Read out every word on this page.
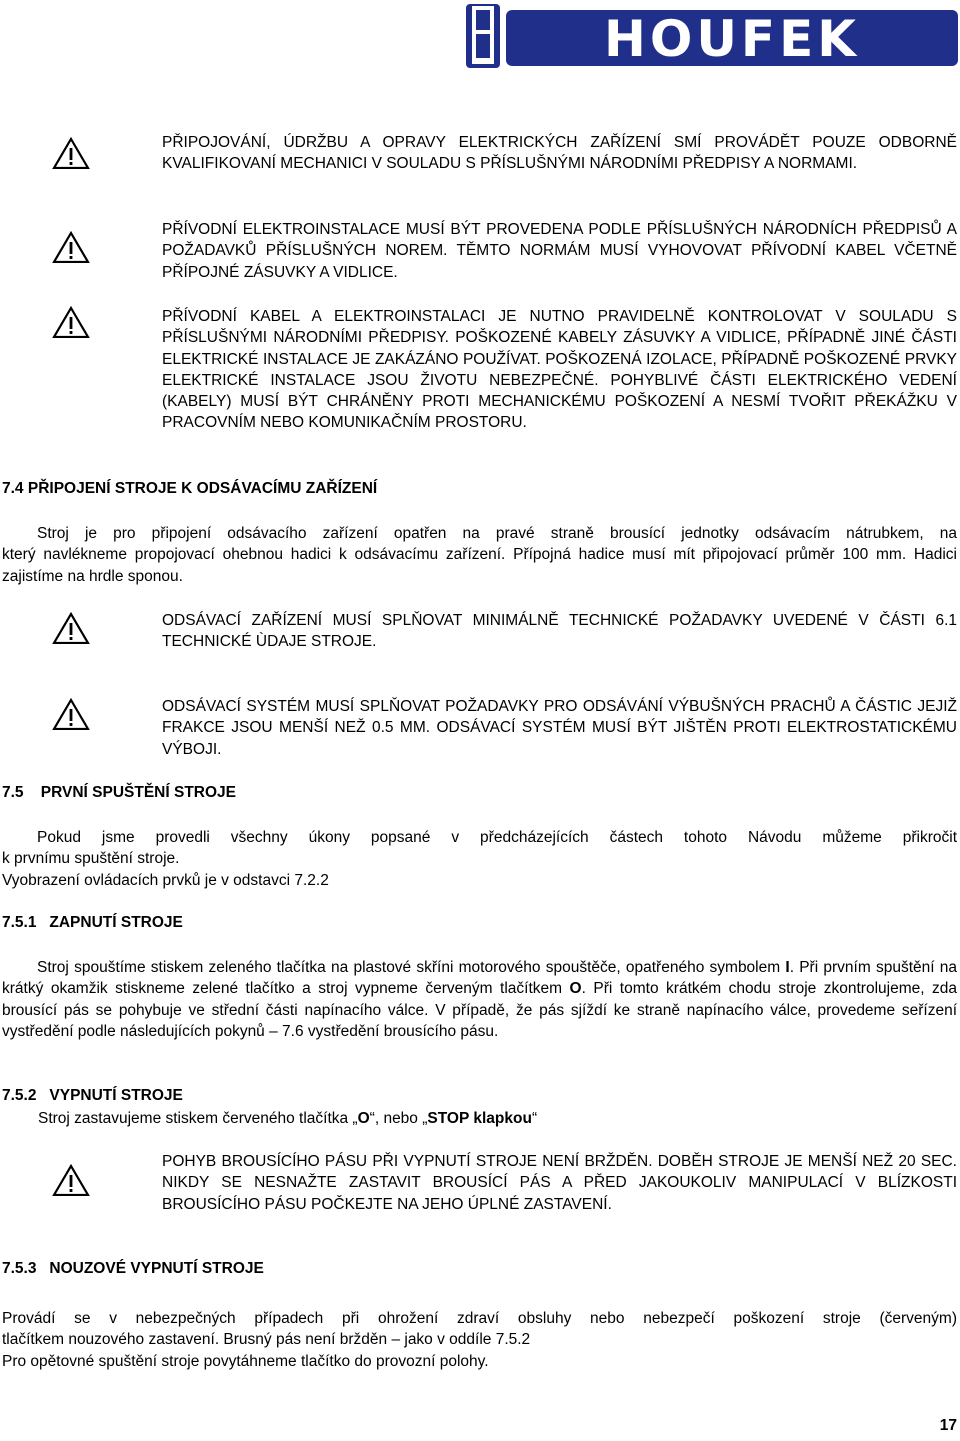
HOUFEK
PŘIPOJOVÁNÍ, ÚDRŽBU A OPRAVY ELEKTRICKÝCH ZAŘÍZENÍ SMÍ PROVÁDĚT POUZE ODBORNĚ KVALIFIKOVANÍ MECHANICI V SOULADU S PŘÍSLUŠNÝMI NÁRODNÍMI PŘEDPISY A NORMAMI.
PŘÍVODNÍ ELEKTROINSTALACE MUSÍ BÝT PROVEDENA PODLE PŘÍSLUŠNÝCH NÁRODNÍCH PŘEDPISŮ A POŽADAVKŮ PŘÍSLUŠNÝCH NOREM. TĚMTO NORMÁM MUSÍ VYHOVOVAT PŘÍVODNÍ KABEL VČETNĚ PŘÍPOJNÉ ZÁSUVKY A VIDLICE.
PŘÍVODNÍ KABEL A ELEKTROINSTALACI JE NUTNO PRAVIDELNĚ KONTROLOVAT V SOULADU S PŘÍSLUŠNÝMI NÁRODNÍMI PŘEDPISY. POŠKOZENÉ KABELY ZÁSUVKY A VIDLICE, PŘÍPADNĚ JINÉ ČÁSTI ELEKTRICKÉ INSTALACE JE ZAKÁZÁNO POUŽÍVAT. POŠKOZENÁ IZOLACE, PŘÍPADNĚ POŠKOZENÉ PRVKY ELEKTRICKÉ INSTALACE JSOU ŽIVOTU NEBEZPEČNÉ. POHYBLIVÉ ČÁSTI ELEKTRICKÉHO VEDENÍ (KABELY) MUSÍ BÝT CHRÁNĚNY PROTI MECHANICKÉMU POŠKOZENÍ A NESMÍ TVOŘIT PŘEKÁŽKU V PRACOVNÍM NEBO KOMUNIKAČNÍM PROSTORU.
7.4 PŘIPOJENÍ STROJE K ODSÁVACÍMU ZAŘÍZENÍ
Stroj je pro připojení odsávacího zařízení opatřen na pravé straně brousící jednotky odsávacím nátrubkem, na
který navlékneme propojovací ohebnou hadici k odsávacímu zařízení. Přípojná hadice musí mít připojovací průměr 100 mm. Hadici zajistíme na hrdle sponou.
ODSÁVACÍ ZAŘÍZENÍ MUSÍ SPLŇOVAT MINIMÁLNĚ TECHNICKÉ POŽADAVKY UVEDENÉ V ČÁSTI 6.1 TECHNICKÉ ÙDAJE STROJE.
ODSÁVACÍ SYSTÉM MUSÍ SPLŇOVAT POŽADAVKY PRO ODSÁVÁNÍ VÝBUŠNÝCH PRACHŮ A ČÁSTIC JEJIŽ FRAKCE JSOU MENŠÍ NEŽ 0.5 MM. ODSÁVACÍ SYSTÉM MUSÍ BÝT JIŠTĚN PROTI ELEKTROSTATICKÉMU VÝBOJI.
7.5    PRVNÍ SPUŠTĚNÍ STROJE
Pokud jsme provedli všechny úkony popsané v předcházejících částech tohoto Návodu můžeme přikročit
k prvnímu spuštění stroje.
Vyobrazení ovládacích prvků je v odstavci 7.2.2
7.5.1   ZAPNUTÍ STROJE
Stroj spouštíme stiskem zeleného tlačítka na plastové skříni motorového spouštěče, opatřeného symbolem I. Při prvním spuštění na krátký okamžik stiskneme zelené tlačítko a stroj vypneme červeným tlačítkem O. Při tomto krátkém chodu stroje zkontrolujeme, zda brousící pás se pohybuje ve střední části napínacího válce. V případě, že pás sjíždí ke straně napínacího válce, provedeme seřízení vystředění podle následujících pokynů – 7.6 vystředění brousícího pásu.
7.5.2   VYPNUTÍ STROJE
Stroj zastavujeme stiskem červeného tlačítka „O“, nebo „STOP klapkou“
POHYB BROUSÍCÍHO PÁSU PŘI VYPNUTÍ STROJE NENÍ BRŽDĚN. DOBĚH STROJE JE MENŠÍ NEŽ 20 SEC. NIKDY SE NESNAŽTE ZASTAVIT BROUSÍCÍ PÁS A PŘED JAKOUKOLIV MANIPULACÍ V BLÍZKOSTI BROUSÍCÍHO PÁSU POČKEJTE NA JEHO ÚPLNÉ ZASTAVENÍ.
7.5.3   NOUZOVÉ VYPNUTÍ STROJE
Provádí se v nebezpečných případech při ohrožení zdraví obsluhy nebo nebezpečí poškození stroje (červeným)
tlačítkem nouzového zastavení. Brusný pás není bržděn – jako v oddíle 7.5.2
Pro opětovné spuštění stroje povytáhneme tlačítko do provozní polohy.
17
